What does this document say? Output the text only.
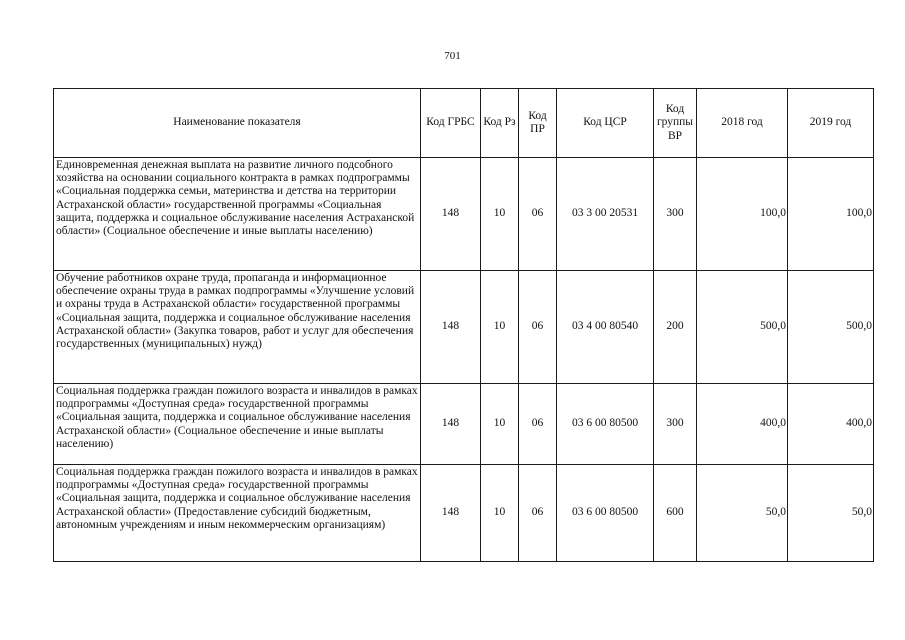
701
Наименование показателя	Код ГРБС	Код Рз	Код ПР	Код ЦСР	Код группы ВР	2018 год	2019 год
Единовременная денежная выплата на развитие личного подсобного хозяйства на основании социального контракта в рамках подпрограммы «Социальная поддержка семьи, материнства и детства на территории Астраханской области» государственной программы «Социальная защита, поддержка и социальное обслуживание населения Астраханской области» (Социальное обеспечение и иные выплаты населению)	148	10	06	03 3 00 20531	300	100,0	100,0
Обучение работников охране труда, пропаганда и информационное обеспечение охраны труда в рамках подпрограммы «Улучшение условий и охраны труда в Астраханской области» государственной программы «Социальная защита, поддержка и социальное обслуживание населения Астраханской области» (Закупка товаров, работ и услуг для обеспечения государственных (муниципальных) нужд)	148	10	06	03 4 00 80540	200	500,0	500,0
Социальная поддержка граждан пожилого возраста и инвалидов в рамках подпрограммы «Доступная среда» государственной программы «Социальная защита, поддержка и социальное обслуживание населения Астраханской области» (Социальное обеспечение и иные выплаты населению)	148	10	06	03 6 00 80500	300	400,0	400,0
Социальная поддержка граждан пожилого возраста и инвалидов в рамках подпрограммы «Доступная среда» государственной программы «Социальная защита, поддержка и социальное обслуживание населения Астраханской области» (Предоставление субсидий бюджетным, автономным учреждениям и иным некоммерческим организациям)	148	10	06	03 6 00 80500	600	50,0	50,0
